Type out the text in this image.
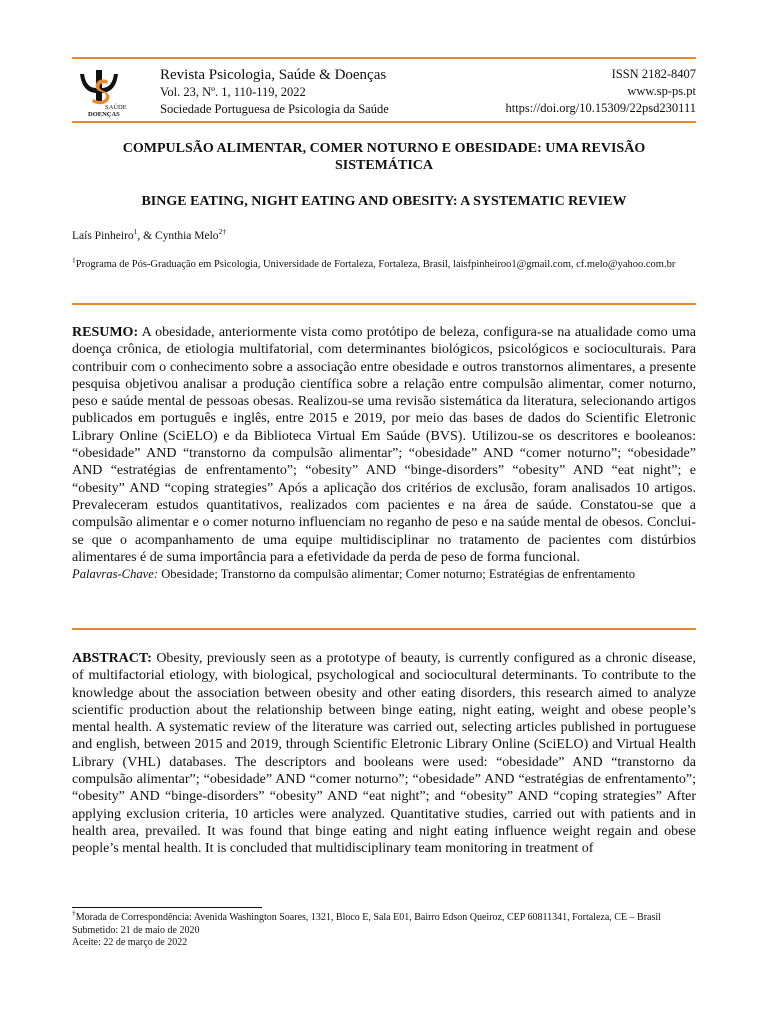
SAÚDE
DOENÇAS
Revista Psicologia, Saúde & Doenças
Vol. 23, Nº. 1, 110-119, 2022
Sociedade Portuguesa de Psicologia da Saúde
ISSN 2182-8407
www.sp-ps.pt
https://doi.org/10.15309/22psd230111
COMPULSÃO ALIMENTAR, COMER NOTURNO E OBESIDADE: UMA REVISÃO SISTEMÁTICA
BINGE EATING, NIGHT EATING AND OBESITY: A SYSTEMATIC REVIEW
Laís Pinheiro$^1$, & Cynthia Melo$^{2\dagger}$
$^1$Programa de Pós-Graduação em Psicologia, Universidade de Fortaleza, Fortaleza, Brasil, laisfpinheiroo1@gmail.com, cf.melo@yahoo.com.br
RESUMO: A obesidade, anteriormente vista como protótipo de beleza, configura-se na atualidade como uma doença crônica, de etiologia multifatorial, com determinantes biológicos, psicológicos e socioculturais. Para contribuir com o conhecimento sobre a associação entre obesidade e outros transtornos alimentares, a presente pesquisa objetivou analisar a produção científica sobre a relação entre compulsão alimentar, comer noturno, peso e saúde mental de pessoas obesas. Realizou-se uma revisão sistemática da literatura, selecionando artigos publicados em português e inglês, entre 2015 e 2019, por meio das bases de dados do Scientific Eletronic Library Online (SciELO) e da Biblioteca Virtual Em Saúde (BVS). Utilizou-se os descritores e booleanos: “obesidade” AND “transtorno da compulsão alimentar”; “obesidade” AND “comer noturno”; “obesidade” AND “estratégias de enfrentamento”; “obesity” AND “binge-disorders” “obesity” AND “eat night”; e “obesity” AND “coping strategies” Após a aplicação dos critérios de exclusão, foram analisados 10 artigos. Prevaleceram estudos quantitativos, realizados com pacientes e na área de saúde. Constatou-se que a compulsão alimentar e o comer noturno influenciam no reganho de peso e na saúde mental de obesos. Conclui-se que o acompanhamento de uma equipe multidisciplinar no tratamento de pacientes com distúrbios alimentares é de suma importância para a efetividade da perda de peso de forma funcional.
Palavras-Chave: Obesidade; Transtorno da compulsão alimentar; Comer noturno; Estratégias de enfrentamento
ABSTRACT: Obesity, previously seen as a prototype of beauty, is currently configured as a chronic disease, of multifactorial etiology, with biological, psychological and sociocultural determinants. To contribute to the knowledge about the association between obesity and other eating disorders, this research aimed to analyze scientific production about the relationship between binge eating, night eating, weight and obese people’s mental health. A systematic review of the literature was carried out, selecting articles published in portuguese and english, between 2015 and 2019, through Scientific Eletronic Library Online (SciELO) and Virtual Health Library (VHL) databases. The descriptors and booleans were used: “obesidade” AND “transtorno da compulsão alimentar”; “obesidade” AND “comer noturno”; “obesidade” AND “estratégias de enfrentamento”; “obesity” AND “binge-disorders” “obesity” AND “eat night”; and “obesity” AND “coping strategies” After applying exclusion criteria, 10 articles were analyzed. Quantitative studies, carried out with patients and in health area, prevailed. It was found that binge eating and night eating influence weight regain and obese people’s mental health. It is concluded that multidisciplinary team monitoring in treatment of
†Morada de Correspondência: Avenida Washington Soares, 1321, Bloco E, Sala E01, Bairro Edson Queiroz, CEP 60811341, Fortaleza, CE – Brasil
Submetido: 21 de maio de 2020
Aceite: 22 de março de 2022
